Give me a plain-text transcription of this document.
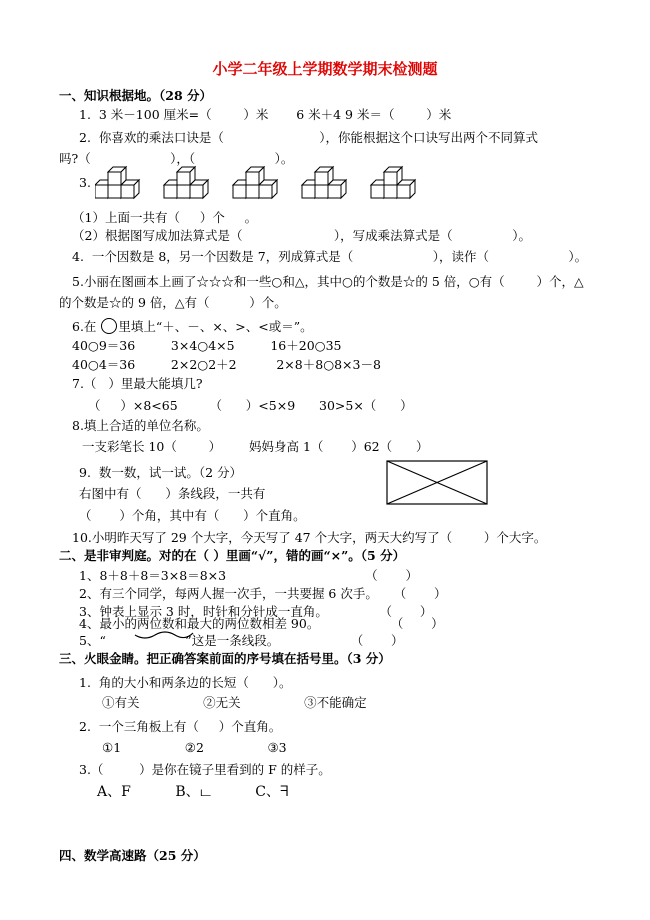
小学二年级上学期数学期末检测题
一、知识根据地。（28 分）
1.  3 米－100 厘米=（        ）米       6 米＋4 9 米＝（        ）米
2.  你喜欢的乘法口诀是（                        ），你能根据这个口诀写出两个不同算式
吗?（                    ），（                    ）。
3.
（1）上面一共有（     ）个     。
（2）根据图写成加法算式是（                       ），写成乘法算式是（               ）。
4.  一个因数是 8，另一个因数是 7，列成算式是（                    ），读作（                    ）。
5.小丽在图画本上画了☆☆☆和一些○和△，其中○的个数是☆的 5 倍，○有（        ）个，△
的个数是☆的 9 倍，△有（          ）个。
6.在 里填上“＋、－、×、>、<或＝”。
40○9＝36         3×4○4×5         16＋20○35
40○4＝36         2×2○2＋2          2×8＋8○8×3－8
7.（   ）里最大能填几?
（     ）×8<65        （      ）<5×9      30>5×（      ）
8.填上合适的单位名称。
一支彩笔长 10（        ）       妈妈身高 1（       ）62（      ）
9.  数一数，试一试。（2 分）
右图中有（      ）条线段，一共有
（       ）个角，其中有（      ）个直角。
10.小明昨天写了 29 个大字，今天写了 47 个大字，两天大约写了（        ）个大字。
二、是非审判庭。对的在（ ）里画“√”，错的画“×”。（5 分）
1、8＋8＋8＝3×8＝8×3                                   （       ）
2、有三个同学，每两人握一次手，一共要握 6 次手。    （       ）
3、钟表上显示 3 时，时针和分针成一直角。             （       ）
4、最小的两位数和最大的两位数相差 90。                  （       ）
5、“                    ”这是一条线段。                  （       ）
三、火眼金睛。把正确答案前面的序号填在括号里。（3 分）
1.  角的大小和两条边的长短（      ）。
①有关                ②无关                ③不能确定
2.  一个三角板上有（     ）个直角。
①1                ②2                ③3
3.（         ）是你在镜子里看到的 F 的样子。
A、F          B、ட          C、ᖷ
四、数学高速路（25 分）
